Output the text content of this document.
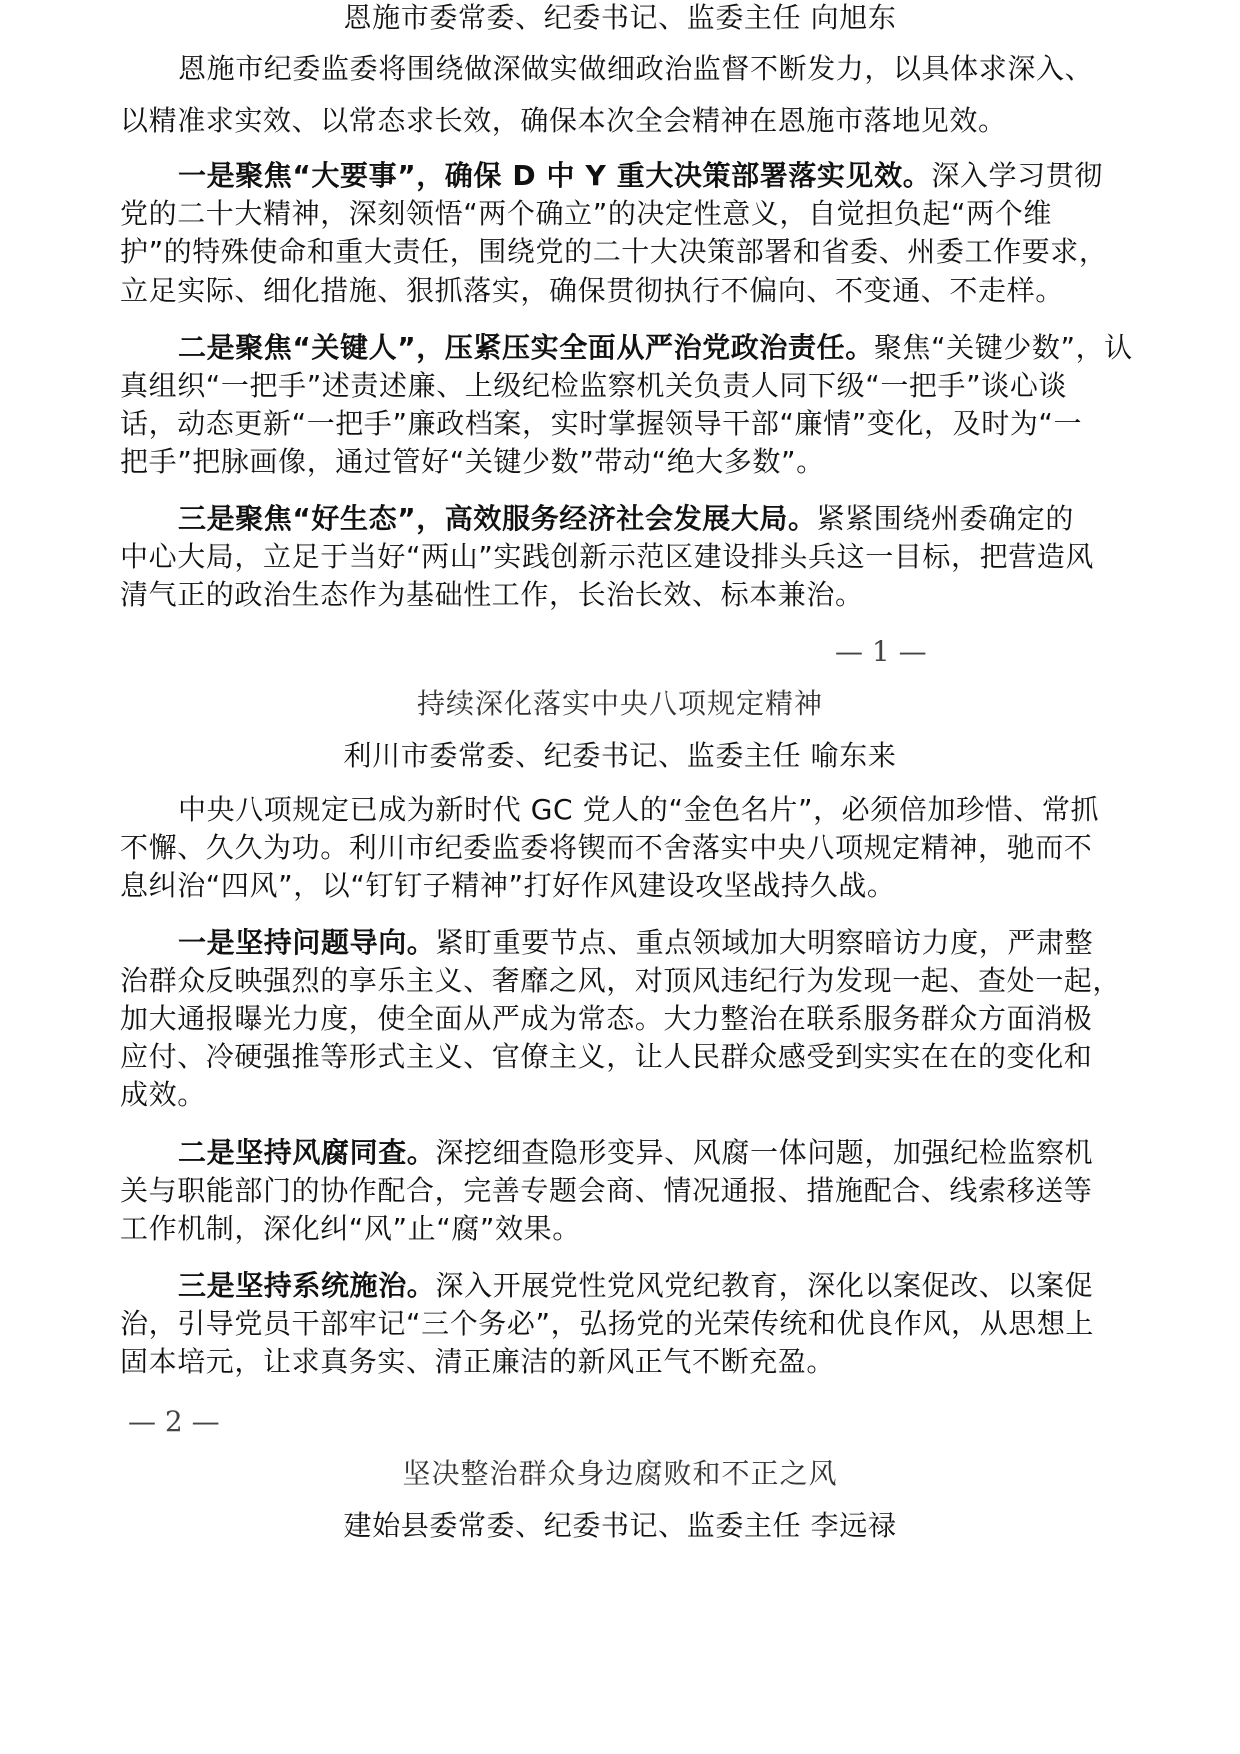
恩施市委常委、纪委书记、监委主任 向旭东

恩施市纪委监委将围绕做深做实做细政治监督不断发力，以具体求深入、

以精准求实效、以常态求长效，确保本次全会精神在恩施市落地见效。

一是聚焦“大要事”，确保 D 中 Y 重大决策部署落实见效。深入学习贯彻

党的二十大精神，深刻领悟“两个确立”的决定性意义，自觉担负起“两个维

护”的特殊使命和重大责任，围绕党的二十大决策部署和省委、州委工作要求，

立足实际、细化措施、狠抓落实，确保贯彻执行不偏向、不变通、不走样。

二是聚焦“关键人”，压紧压实全面从严治党政治责任。聚焦“关键少数”，认

真组织“一把手”述责述廉、上级纪检监察机关负责人同下级“一把手”谈心谈

话，动态更新“一把手”廉政档案，实时掌握领导干部“廉情”变化，及时为“一

把手”把脉画像，通过管好“关键少数”带动“绝大多数”。

三是聚焦“好生态”，高效服务经济社会发展大局。紧紧围绕州委确定的

中心大局，立足于当好“两山”实践创新示范区建设排头兵这一目标，把营造风

清气正的政治生态作为基础性工作，长治长效、标本兼治。

— 1 —

持续深化落实中央八项规定精神

利川市委常委、纪委书记、监委主任 喻东来

中央八项规定已成为新时代 GC 党人的“金色名片”，必须倍加珍惜、常抓

不懈、久久为功。利川市纪委监委将锲而不舍落实中央八项规定精神，驰而不

息纠治“四风”，以“钉钉子精神”打好作风建设攻坚战持久战。

一是坚持问题导向。紧盯重要节点、重点领域加大明察暗访力度，严肃整

治群众反映强烈的享乐主义、奢靡之风，对顶风违纪行为发现一起、查处一起，

加大通报曝光力度，使全面从严成为常态。大力整治在联系服务群众方面消极

应付、冷硬强推等形式主义、官僚主义，让人民群众感受到实实在在的变化和

成效。

二是坚持风腐同查。深挖细查隐形变异、风腐一体问题，加强纪检监察机

关与职能部门的协作配合，完善专题会商、情况通报、措施配合、线索移送等

工作机制，深化纠“风”止“腐”效果。

三是坚持系统施治。深入开展党性党风党纪教育，深化以案促改、以案促

治，引导党员干部牢记“三个务必”，弘扬党的光荣传统和优良作风，从思想上

固本培元，让求真务实、清正廉洁的新风正气不断充盈。

— 2 —

坚决整治群众身边腐败和不正之风

建始县委常委、纪委书记、监委主任 李远禄
